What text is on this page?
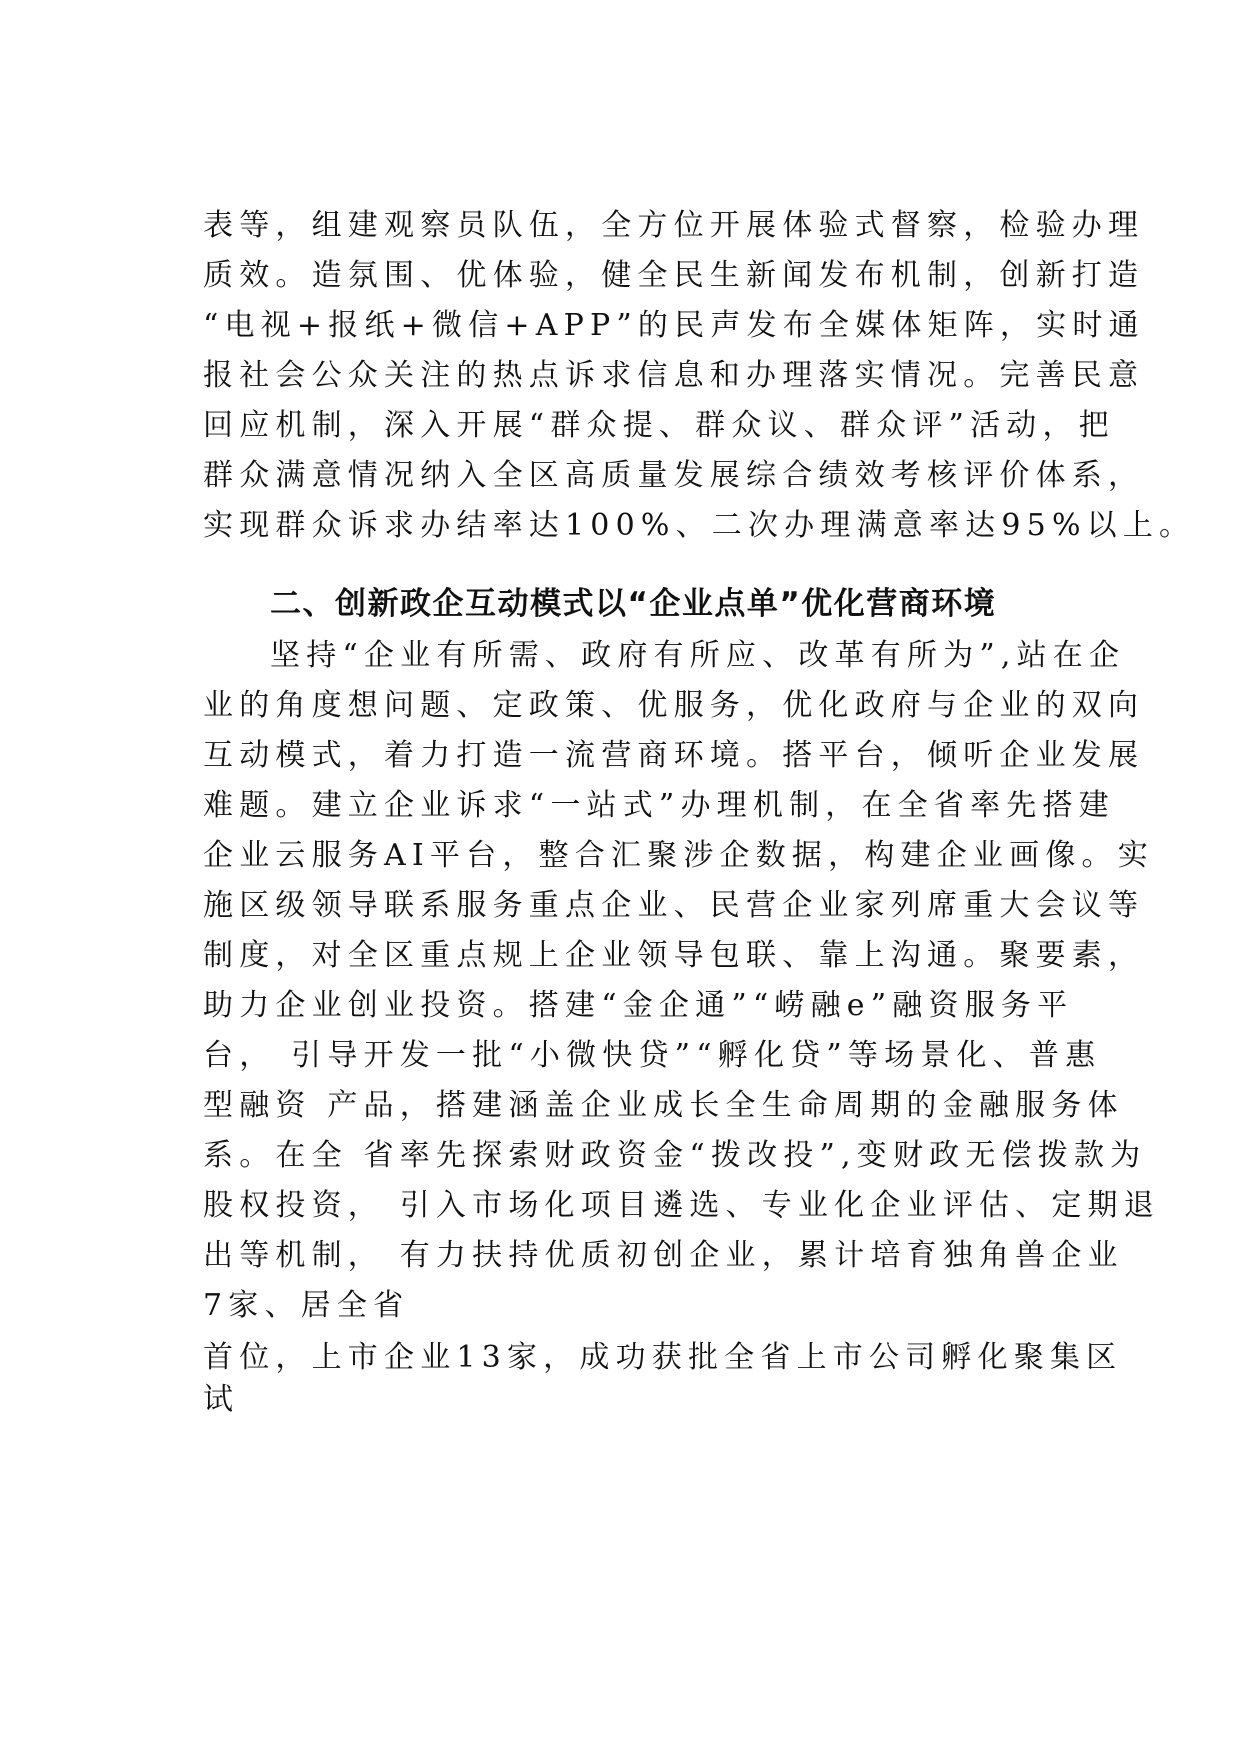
表等，组建观察员队伍，全方位开展体验式督察，检验办理
质效。造氛围、优体验，健全民生新闻发布机制，创新打造
“电视+报纸+微信+APP”的民声发布全媒体矩阵，实时通
报社会公众关注的热点诉求信息和办理落实情况。完善民意
回应机制，深入开展“群众提、群众议、群众评”活动，把
群众满意情况纳入全区高质量发展综合绩效考核评价体系，
实现群众诉求办结率达100%、二次办理满意率达95%以上。
二、创新政企互动模式以“企业点单”优化营商环境
坚持“企业有所需、政府有所应、改革有所为”,站在企
业的角度想问题、定政策、优服务，优化政府与企业的双向
互动模式，着力打造一流营商环境。搭平台，倾听企业发展
难题。建立企业诉求“一站式”办理机制，在全省率先搭建
企业云服务AI平台，整合汇聚涉企数据，构建企业画像。实
施区级领导联系服务重点企业、民营企业家列席重大会议等
制度，对全区重点规上企业领导包联、靠上沟通。聚要素，
助力企业创业投资。搭建“金企通”“崂融e”融资服务平
台， 引导开发一批“小微快贷”“孵化贷”等场景化、普惠
型融资 产品，搭建涵盖企业成长全生命周期的金融服务体
系。在全 省率先探索财政资金“拨改投”,变财政无偿拨款为
股权投资， 引入市场化项目遴选、专业化企业评估、定期退
出等机制， 有力扶持优质初创企业，累计培育独角兽企业
7家、居全省
首位，上市企业13家，成功获批全省上市公司孵化聚集区
试
